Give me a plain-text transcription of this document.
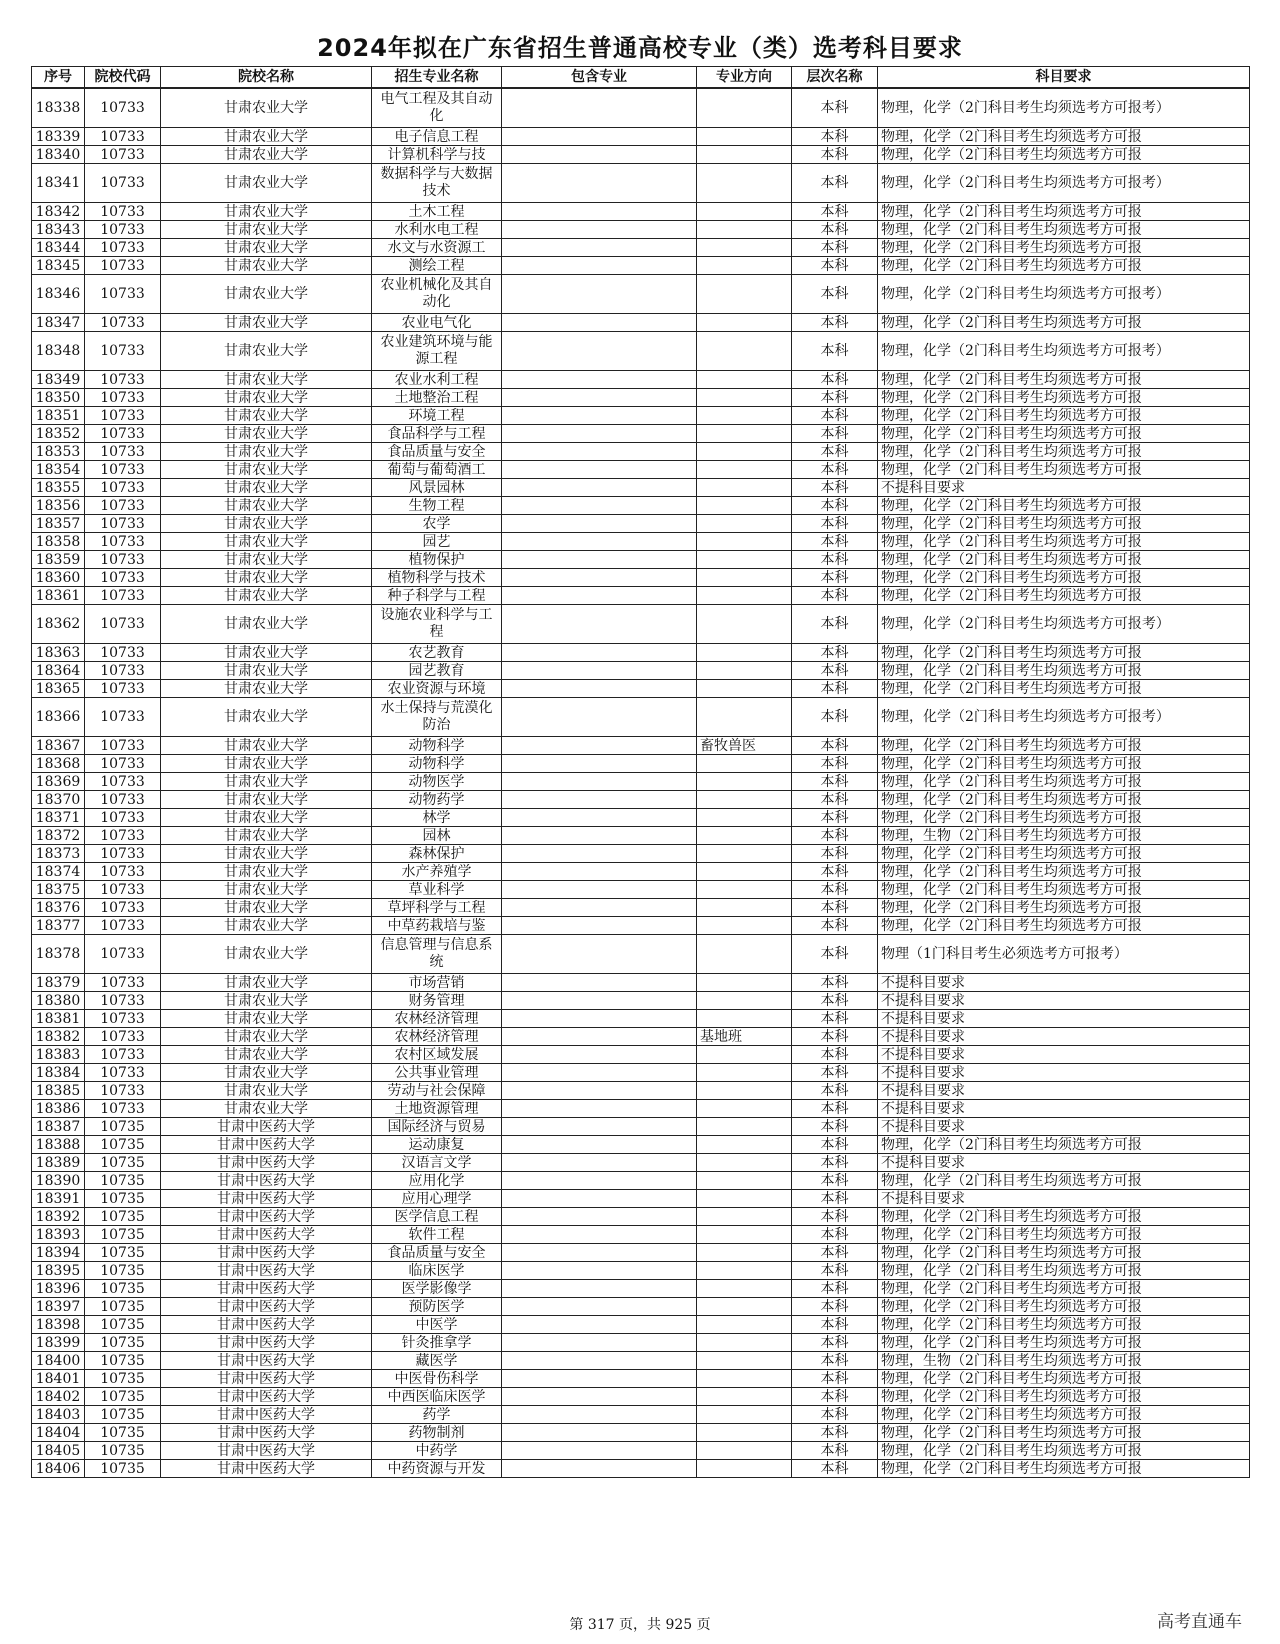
2024年拟在广东省招生普通高校专业（类）选考科目要求
序号	院校代码	院校名称	招生专业名称	包含专业	专业方向	层次名称	科目要求
18338	10733	甘肃农业大学	电气工程及其自动化			本科	物理，化学（2门科目考生均须选考方可报考）
18339	10733	甘肃农业大学	电子信息工程			本科	物理，化学（2门科目考生均须选考方可报
18340	10733	甘肃农业大学	计算机科学与技			本科	物理，化学（2门科目考生均须选考方可报
18341	10733	甘肃农业大学	数据科学与大数据技术			本科	物理，化学（2门科目考生均须选考方可报考）
18342	10733	甘肃农业大学	土木工程			本科	物理，化学（2门科目考生均须选考方可报
18343	10733	甘肃农业大学	水利水电工程			本科	物理，化学（2门科目考生均须选考方可报
18344	10733	甘肃农业大学	水文与水资源工			本科	物理，化学（2门科目考生均须选考方可报
18345	10733	甘肃农业大学	测绘工程			本科	物理，化学（2门科目考生均须选考方可报
18346	10733	甘肃农业大学	农业机械化及其自动化			本科	物理，化学（2门科目考生均须选考方可报考）
18347	10733	甘肃农业大学	农业电气化			本科	物理，化学（2门科目考生均须选考方可报
18348	10733	甘肃农业大学	农业建筑环境与能源工程			本科	物理，化学（2门科目考生均须选考方可报考）
18349	10733	甘肃农业大学	农业水利工程			本科	物理，化学（2门科目考生均须选考方可报
18350	10733	甘肃农业大学	土地整治工程			本科	物理，化学（2门科目考生均须选考方可报
18351	10733	甘肃农业大学	环境工程			本科	物理，化学（2门科目考生均须选考方可报
18352	10733	甘肃农业大学	食品科学与工程			本科	物理，化学（2门科目考生均须选考方可报
18353	10733	甘肃农业大学	食品质量与安全			本科	物理，化学（2门科目考生均须选考方可报
18354	10733	甘肃农业大学	葡萄与葡萄酒工			本科	物理，化学（2门科目考生均须选考方可报
18355	10733	甘肃农业大学	风景园林			本科	不提科目要求
18356	10733	甘肃农业大学	生物工程			本科	物理，化学（2门科目考生均须选考方可报
18357	10733	甘肃农业大学	农学			本科	物理，化学（2门科目考生均须选考方可报
18358	10733	甘肃农业大学	园艺			本科	物理，化学（2门科目考生均须选考方可报
18359	10733	甘肃农业大学	植物保护			本科	物理，化学（2门科目考生均须选考方可报
18360	10733	甘肃农业大学	植物科学与技术			本科	物理，化学（2门科目考生均须选考方可报
18361	10733	甘肃农业大学	种子科学与工程			本科	物理，化学（2门科目考生均须选考方可报
18362	10733	甘肃农业大学	设施农业科学与工程			本科	物理，化学（2门科目考生均须选考方可报考）
18363	10733	甘肃农业大学	农艺教育			本科	物理，化学（2门科目考生均须选考方可报
18364	10733	甘肃农业大学	园艺教育			本科	物理，化学（2门科目考生均须选考方可报
18365	10733	甘肃农业大学	农业资源与环境			本科	物理，化学（2门科目考生均须选考方可报
18366	10733	甘肃农业大学	水土保持与荒漠化防治			本科	物理，化学（2门科目考生均须选考方可报考）
18367	10733	甘肃农业大学	动物科学		畜牧兽医	本科	物理，化学（2门科目考生均须选考方可报
18368	10733	甘肃农业大学	动物科学			本科	物理，化学（2门科目考生均须选考方可报
18369	10733	甘肃农业大学	动物医学			本科	物理，化学（2门科目考生均须选考方可报
18370	10733	甘肃农业大学	动物药学			本科	物理，化学（2门科目考生均须选考方可报
18371	10733	甘肃农业大学	林学			本科	物理，化学（2门科目考生均须选考方可报
18372	10733	甘肃农业大学	园林			本科	物理，生物（2门科目考生均须选考方可报
18373	10733	甘肃农业大学	森林保护			本科	物理，化学（2门科目考生均须选考方可报
18374	10733	甘肃农业大学	水产养殖学			本科	物理，化学（2门科目考生均须选考方可报
18375	10733	甘肃农业大学	草业科学			本科	物理，化学（2门科目考生均须选考方可报
18376	10733	甘肃农业大学	草坪科学与工程			本科	物理，化学（2门科目考生均须选考方可报
18377	10733	甘肃农业大学	中草药栽培与鉴			本科	物理，化学（2门科目考生均须选考方可报
18378	10733	甘肃农业大学	信息管理与信息系统			本科	物理（1门科目考生必须选考方可报考）
18379	10733	甘肃农业大学	市场营销			本科	不提科目要求
18380	10733	甘肃农业大学	财务管理			本科	不提科目要求
18381	10733	甘肃农业大学	农林经济管理			本科	不提科目要求
18382	10733	甘肃农业大学	农林经济管理		基地班	本科	不提科目要求
18383	10733	甘肃农业大学	农村区域发展			本科	不提科目要求
18384	10733	甘肃农业大学	公共事业管理			本科	不提科目要求
18385	10733	甘肃农业大学	劳动与社会保障			本科	不提科目要求
18386	10733	甘肃农业大学	土地资源管理			本科	不提科目要求
18387	10735	甘肃中医药大学	国际经济与贸易			本科	不提科目要求
18388	10735	甘肃中医药大学	运动康复			本科	物理，化学（2门科目考生均须选考方可报
18389	10735	甘肃中医药大学	汉语言文学			本科	不提科目要求
18390	10735	甘肃中医药大学	应用化学			本科	物理，化学（2门科目考生均须选考方可报
18391	10735	甘肃中医药大学	应用心理学			本科	不提科目要求
18392	10735	甘肃中医药大学	医学信息工程			本科	物理，化学（2门科目考生均须选考方可报
18393	10735	甘肃中医药大学	软件工程			本科	物理，化学（2门科目考生均须选考方可报
18394	10735	甘肃中医药大学	食品质量与安全			本科	物理，化学（2门科目考生均须选考方可报
18395	10735	甘肃中医药大学	临床医学			本科	物理，化学（2门科目考生均须选考方可报
18396	10735	甘肃中医药大学	医学影像学			本科	物理，化学（2门科目考生均须选考方可报
18397	10735	甘肃中医药大学	预防医学			本科	物理，化学（2门科目考生均须选考方可报
18398	10735	甘肃中医药大学	中医学			本科	物理，化学（2门科目考生均须选考方可报
18399	10735	甘肃中医药大学	针灸推拿学			本科	物理，化学（2门科目考生均须选考方可报
18400	10735	甘肃中医药大学	藏医学			本科	物理，生物（2门科目考生均须选考方可报
18401	10735	甘肃中医药大学	中医骨伤科学			本科	物理，化学（2门科目考生均须选考方可报
18402	10735	甘肃中医药大学	中西医临床医学			本科	物理，化学（2门科目考生均须选考方可报
18403	10735	甘肃中医药大学	药学			本科	物理，化学（2门科目考生均须选考方可报
18404	10735	甘肃中医药大学	药物制剂			本科	物理，化学（2门科目考生均须选考方可报
18405	10735	甘肃中医药大学	中药学			本科	物理，化学（2门科目考生均须选考方可报
18406	10735	甘肃中医药大学	中药资源与开发			本科	物理，化学（2门科目考生均须选考方可报
第 317 页，共 925 页	高考直通车
